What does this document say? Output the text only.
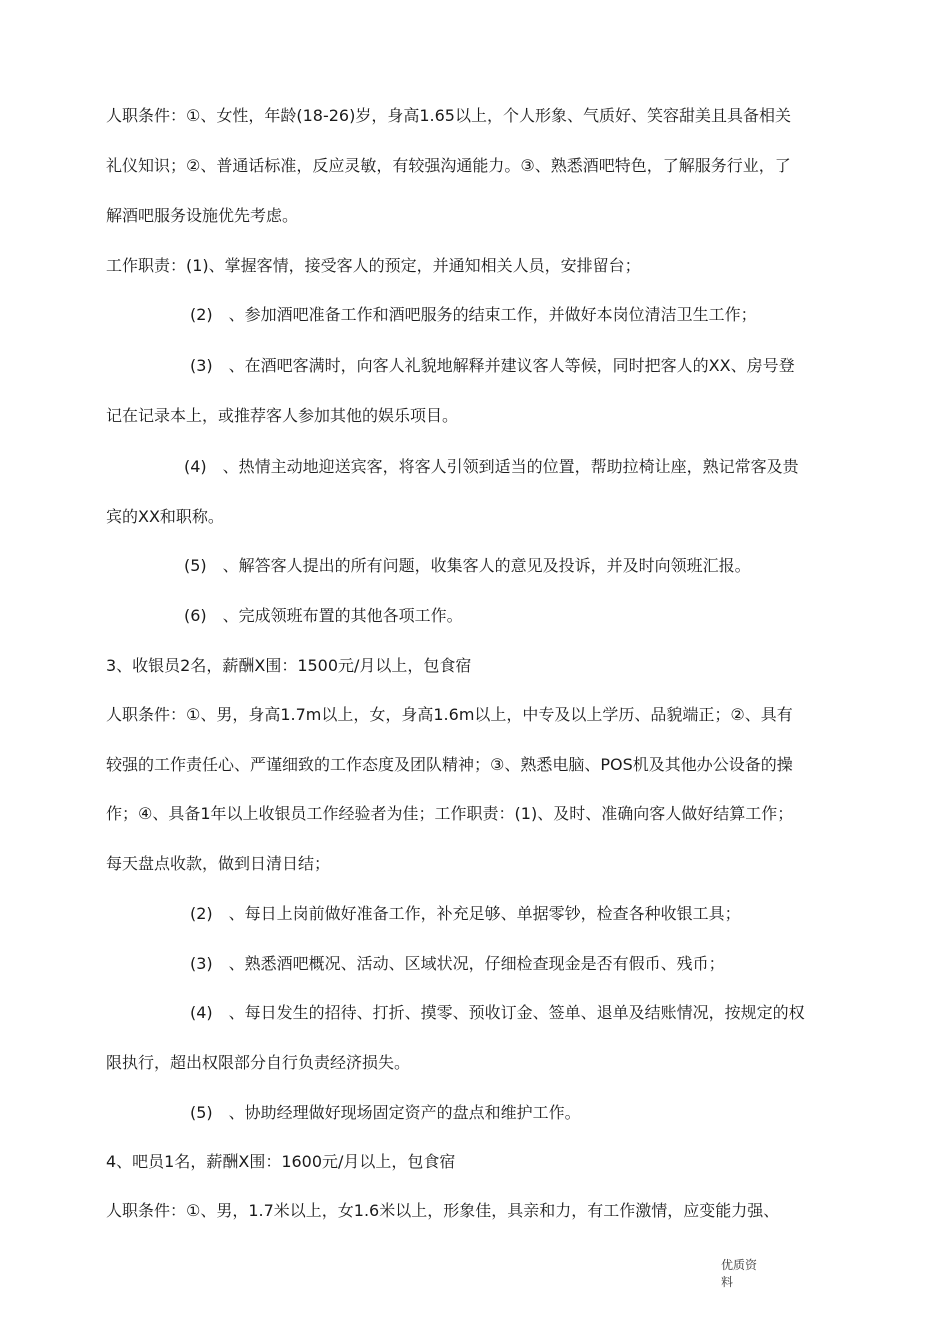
人职条件：①、女性，年龄(18-26)岁，身高1.65以上，个人形象、气质好、笑容甜美且具备相关
礼仪知识；②、普通话标准，反应灵敏，有较强沟通能力。③、熟悉酒吧特色，了解服务行业，了
解酒吧服务设施优先考虑。
工作职责：(1)、掌握客情，接受客人的预定，并通知相关人员，安排留台；
(2)　、参加酒吧准备工作和酒吧服务的结束工作，并做好本岗位清洁卫生工作；
(3)　、在酒吧客满时，向客人礼貌地解释并建议客人等候，同时把客人的XX、房号登
记在记录本上，或推荐客人参加其他的娱乐项目。
(4)　、热情主动地迎送宾客，将客人引领到适当的位置，帮助拉椅让座，熟记常客及贵
宾的XX和职称。
(5)　、解答客人提出的所有问题，收集客人的意见及投诉，并及时向领班汇报。
(6)　、完成领班布置的其他各项工作。
3、收银员2名，薪酬X围：1500元/月以上，包食宿
人职条件：①、男，身高1.7m以上，女，身高1.6m以上，中专及以上学历、品貌端正；②、具有
较强的工作责任心、严谨细致的工作态度及团队精神；③、熟悉电脑、POS机及其他办公设备的操
作；④、具备1年以上收银员工作经验者为佳；工作职责：(1)、及时、准确向客人做好结算工作；
每天盘点收款，做到日清日结；
(2)　、每日上岗前做好准备工作，补充足够、单据零钞，检查各种收银工具；
(3)　、熟悉酒吧概况、活动、区域状况，仔细检查现金是否有假币、残币；
(4)　、每日发生的招待、打折、摸零、预收订金、签单、退单及结账情况，按规定的权
限执行，超出权限部分自行负责经济损失。
(5)　、协助经理做好现场固定资产的盘点和维护工作。
4、吧员1名，薪酬X围：1600元/月以上，包食宿
人职条件：①、男，1.7米以上，女1.6米以上，形象佳，具亲和力，有工作激情，应变能力强、
优质资
料
